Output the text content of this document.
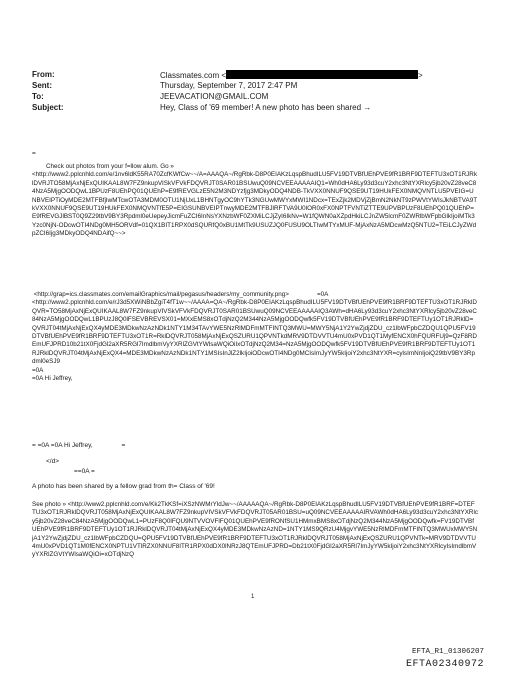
From:	Classmates.com <	>
Sent:	Thursday, September 7, 2017 2:47 PM
To:	JEEVACATION@GMAIL.COM
Subject:	Hey, Class of '69 member! A new photo has been shared →
=
Check out photos from your f=llow alum. Go »
<http://www2.pplcnhld.com/e/1nv6ldK55RA70ZcfKWfCw~~/A=AAAQA~/RgRbk-D8P0EIAKzLqspBhudILU5FV19DTVBfUEhPVE9fR1BRF9DTEFTU3xOT1RJRklDVRJTO58MjAxNjExQUIKAAL8W7FZ9nkupVISkVFVkFDQVRJT0SAR01BSUwuQ09NCVEEAAAAAIQ1=Wh0dHA6Ly93d3cuY2xhc3NtYXRlcy5jb20vZ28veC84NzA5MjgOODQwL1BPUzF8UEhPQ01QUEhP=E9fREVGLzE5N2M3NDYzfjg3MDkyODQ4NDB-TkVXX0NNUF9QSE9UT19HUkFEX0NMQVNTLU5PVEIG=UNBVEIPTiOyMDE2MTFBfjIwMTcwOTA3MDM0OTU1NjUxL1BHNTgyOC9hYTk3NGUwMWYxMWI1NDcx=TExZjk2MDVjZjBmN2NkNT9zPWVtYWIsJkNBTVA9TkVXX0NNUF9QSE9UT19HUkFEX0NMQVNTfE5P=EIGSUNBVEIPTnwyMDE2MTFBJlRFTVA9U0lOR0xFX0NPTFVNTiZTTE9UPVBPUzF8UEhPQ01QUEhP=E9fREVGJlBST0Q9Z29tbV9BY3Rpdml0eUepeyJicmFuZCI6InNsYXNzbWF0ZXMiLCJjZyI6IkNv=W1fQWN0aXZpdHkiLCJnZW5lcmF0ZWRlbWFpbGlkIjoiMTk3Yzc0NjN-ODcwOTI4NDg0MH5ORVdf=01QX1BIT1RPX0dSQURfQ0xBU1MtTk9USUZJQ0FUSU9OLTIwMTYxMUF-MjAxNzA5MDcwMzQ5NTU2=TEiLCJyZWdpZCI6Ijg3MDkyODQ4NDAifQ~~>
<http://grap=ics.classmates.com/emailGraphics/mail/pegasus/headers/my_community.png>                =0A
<http://www2.pplcnhld.com/e/rJ3d5XWiNBbZgiT4fT1w~~/AAAA=QA~/RgRbk-D8P0EIAKzLqspBhudILU5FV19DTVBfUEhPVE9fR1BRF9DTEFTU3xOT1RJRklDQVR=TO58MjAxNjExQUIKAAL8W7FZ9nkupVIVSkVFVkFDQVRJT0SAR01BSUwuQ09NCVEEAAAAAIQ3AWh=dHA6Ly93d3cuY2xhc3NtYXRlcy5jb20vZ28veC84NzA5MjgOODQwL1BPUzJ8Q0lFSEVBREVSX01=MXxEMS8xOTdjNzQ2M344NzA5MjgOODQwfk5FV19DTVBfUEhPVE9fR1BRF9DTEFTUy1OT1RJRklD=QVRJT04tMjAxNjExQX4yMDE3MDkwNzAzNDk1NTY1M34TAvYWE5NzRlMDFmMTFINTQ3MWU=MWY5NjA1Y2YwZjdjZDU_cz1lbWFpbCZDQU1QPU5FV19DTVBfUEhPVE9fR1BRF9DTEFTU3xOT1R=RklDQVRJT058MjAxNjExQSZURU1QPVNTkdMRV9DTDVVTU4mU0xPVD1QT1MyfENCX0hFQURFUj9=QzF8RDEmUFJPRD10b21tX0FjdGl2aXR5RGl7ImdlbmVyYXRlZGVtYWlsaWQiOiIxOTdjNzQ2M34=NzA5MjgOODQwfk5FV19DTVBfUEhPVE9fR1BRF9DTEFTUy1OT1RJRklDQVRJT04tMjAxNjExQX4=MDE3MDkwNzAzNDk1NTY1MSIsInJlZ2lkIjoiODcwOTI4NDg0MCIsImJyYW5kIjoiY2xhc3NtYXR=cylsImNnIjoiQ29tbV9BY3Rpdml0eSJ9
=0A
=0A Hi Jeffrey,
= =0A =0A Hi Jeffrey,                =
</d>
==0A =
A photo has been shared by a fellow grad from th= Class of '69!
See photo » <http://www2.pplcnhld.com/e/Kk2TkKSf=iXSzNWMrYldJw~~/AAAAAQA~/RgRbk-D8P0EIAKzLqspBhudILU5FV19DTVBfUEhPVE9fR1BRF=DTEFTU3xOT1RJRklDQVRJT058MjAxNjExQUIKAAL8W7FZ9nkupVIVSkVFVkFDQVRJT05AR01BSU=uQ09NCVEEAAAAAIRVAWh0dHA6Ly93d3cuY2xhc3NtYXRlcy5jb20vZ28veC84NzA5MjgOODQwL1=PUzF8Q0lFQU9NTVVOVFlFQ01QUEhPVE9fRONfSU1HMmxBMS8xOTdjNzQ2M344NzA5MjgOODQwfk=FV19DTVBfUEhPVE9fR1BRF9DTEFTUy1OT1RJRklDQVRJT04tMjAxNjExQX4yMDE3MDkwNzAzND=1NTY1MS9QRzU4MjgvYWE5NzRlMDFmMTFINTQ3MWUxMWY5NjA1Y2YwZjdjZDU_cz1lbWFpbCZDQU=QPU5FV19DTVBfUEhPVE9fR1BRF9DTEFTU3xOT1RJRklDQVRJT058MjAxNjExQSZURU1QPVNTk=MRV9DTDVVTU4mU0xPVD1QT1M0fENCX0NPTU1VTlRZX0NNUF8ITR1RPX0dDX0lNRzJ8QTEmUFJPRD=Db21tX0FjdGl2aXR5Rl7ImJyYW5kIjoiY2xhc3NtYXRlcyIsImdlbmVyYXRlZGVtYWlsaWQiOi=xOTdjNzQ
1
EFTA_R1_01306207
EFTA02340972
